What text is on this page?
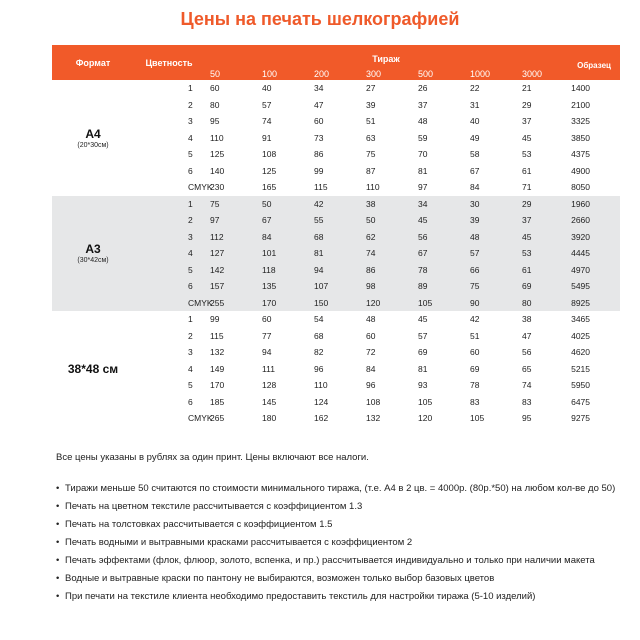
Цены на печать шелкографией
Формат	Цветность	Тираж							Образец
		50	100	200	300	500	1000	3000	

А4
(20*30см)	1	60	40	34	27	26	22	21	1400
	2	80	57	47	39	37	31	29	2100
	3	95	74	60	51	48	40	37	3325
	4	110	91	73	63	59	49	45	3850
	5	125	108	86	75	70	58	53	4375
	6	140	125	99	87	81	67	61	4900
	CMYK	230	165	115	110	97	84	71	8050

А3
(30*42см)	1	75	50	42	38	34	30	29	1960
	2	97	67	55	50	45	39	37	2660
	3	112	84	68	62	56	48	45	3920
	4	127	101	81	74	67	57	53	4445
	5	142	118	94	86	78	66	61	4970
	6	157	135	107	98	89	75	69	5495
	CMYK	255	170	150	120	105	90	80	8925

38*48 см	1	99	60	54	48	45	42	38	3465
	2	115	77	68	60	57	51	47	4025
	3	132	94	82	72	69	60	56	4620
	4	149	111	96	84	81	69	65	5215
	5	170	128	110	96	93	78	74	5950
	6	185	145	124	108	105	83	83	6475
	CMYK	265	180	162	132	120	105	95	9275
Все цены указаны в рублях за один принт. Цены включают все налоги.
• Тиражи меньше 50 считаются по стоимости минимального тиража, (т.е. А4 в 2 цв. = 4000р. (80р.*50) на любом кол-ве до 50)
• Печать на цветном текстиле рассчитывается с коэффициентом 1.3
• Печать на толстовках рассчитывается с коэффициентом 1.5
• Печать водными и вытравными красками рассчитывается с коэффициентом 2
• Печать эффектами (флок, флюор, золото, вспенка, и пр.) рассчитывается индивидуально и только при наличии макета
• Водные и вытравные краски по пантону не выбираются, возможен только выбор базовых цветов
• При печати на текстиле клиента необходимо предоставить текстиль для настройки тиража (5-10 изделий)
